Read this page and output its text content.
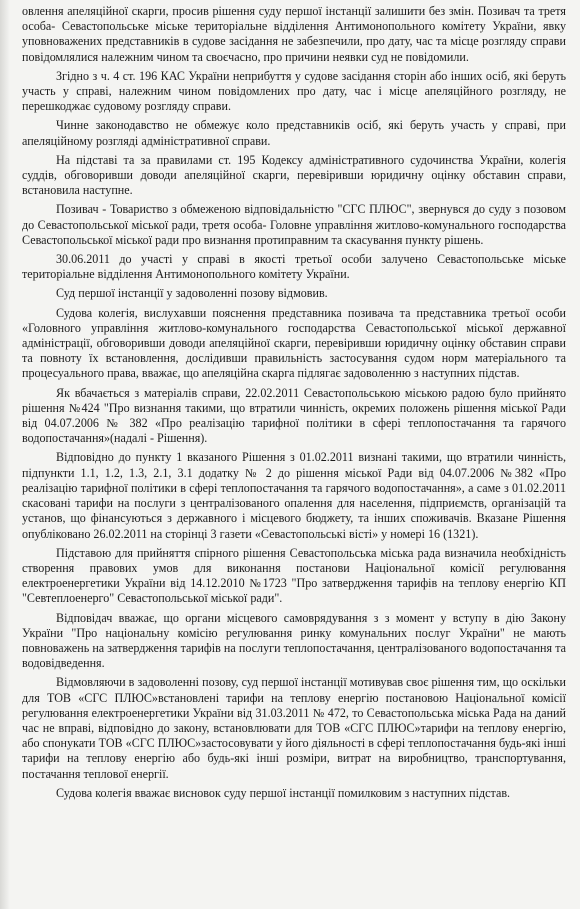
овлення апеляційної скарги, просив рішення суду першої інстанції залишити без змін. Позивач та третя особа- Севастопольське міське територіальне відділення Антимонопольного комітету України, явку уповноважених представників в судове засідання не забезпечили, про дату, час та місце розгляду справи повідомлялися належним чином та своєчасно, про причини неявки суд не повідомили.

Згідно з ч. 4 ст. 196 КАС України неприбуття у судове засідання сторін або інших осіб, які беруть участь у справі, належним чином повідомлених про дату, час і місце апеляційного розгляду, не перешкоджає судовому розгляду справи.

Чинне законодавство не обмежує коло представників осіб, які беруть участь у справі, при апеляційному розгляді адміністративної справи.

На підставі та за правилами ст. 195 Кодексу адміністративного судочинства України, колегія суддів, обговоривши доводи апеляційної скарги, перевіривши юридичну оцінку обставин справи, встановила наступне.

Позивач - Товариство з обмеженою відповідальністю "СГС ПЛЮС", звернувся до суду з позовом до Севастопольської міської ради, третя особа- Головне управління житлово-комунального господарства Севастопольської міської ради про визнання протиправним та скасування пункту рішень.

30.06.2011 до участі у справі в якості третьої особи залучено Севастопольське міське територіальне відділення Антимонопольного комітету України.

Суд першої інстанції у задоволенні позову відмовив.

Судова колегія, вислухавши пояснення представника позивача та представника третьої особи «Головного управління житлово-комунального господарства Севастопольської міської державної адміністрації, обговоривши доводи апеляційної скарги, перевіривши юридичну оцінку обставин справи та повноту їх встановлення, дослідивши правильність застосування судом норм матеріального та процесуального права, вважає, що апеляційна скарга підлягає задоволенню з наступних підстав.

Як вбачається з матеріалів справи, 22.02.2011 Севастопольською міською радою було прийнято рішення №424 "Про визнання такими, що втратили чинність, окремих положень рішення міської Ради від 04.07.2006 № 382 «Про реалізацію тарифної політики в сфері теплопостачання та гарячого водопостачання»(надалі - Рішення).

Відповідно до пункту 1 вказаного Рішення з 01.02.2011 визнані такими, що втратили чинність, підпункти 1.1, 1.2, 1.3, 2.1, 3.1 додатку № 2 до рішення міської Ради від 04.07.2006 №382 «Про реалізацію тарифної політики в сфері теплопостачання та гарячого водопостачання», а саме з 01.02.2011 скасовані тарифи на послуги з централізованого опалення для населення, підприємств, організацій та установ, що фінансуються з державного і місцевого бюджету, та інших споживачів. Вказане Рішення опубліковано 26.02.2011 на сторінці 3 газети «Севастопольські вісті» у номері 16 (1321).

Підставою для прийняття спірного рішення Севастопольська міська рада визначила необхідність створення правових умов для виконання постанови Національної комісії регулювання електроенергетики України від 14.12.2010 №1723 "Про затвердження тарифів на теплову енергію КП "Севтеплоенерго" Севастопольської міської ради".

Відповідач вважає, що органи місцевого самоврядування з з момент у вступу в дію Закону України "Про національну комісію регулювання ринку комунальних послуг України" не мають повноважень на затвердження тарифів на послуги теплопостачання, централізованого водопостачання та водовідведення.

Відмовляючи в задоволенні позову, суд першої інстанції мотивував своє рішення тим, що оскільки для ТОВ «СГС ПЛЮС»встановлені тарифи на теплову енергію постановою Національної комісії регулювання електроенергетики України від 31.03.2011 № 472, то Севастопольська міська Рада на даний час не вправі, відповідно до закону, встановлювати для ТОВ «СГС ПЛЮС»тарифи на теплову енергію, або спонукати ТОВ «СГС ПЛЮС»застосовувати у його діяльності в сфері теплопостачання будь-які інші тарифи на теплову енергію або будь-які інші розміри, витрат на виробництво, транспортування, постачання теплової енергії.

Судова колегія вважає висновок суду першої інстанції помилковим з наступних підстав.
